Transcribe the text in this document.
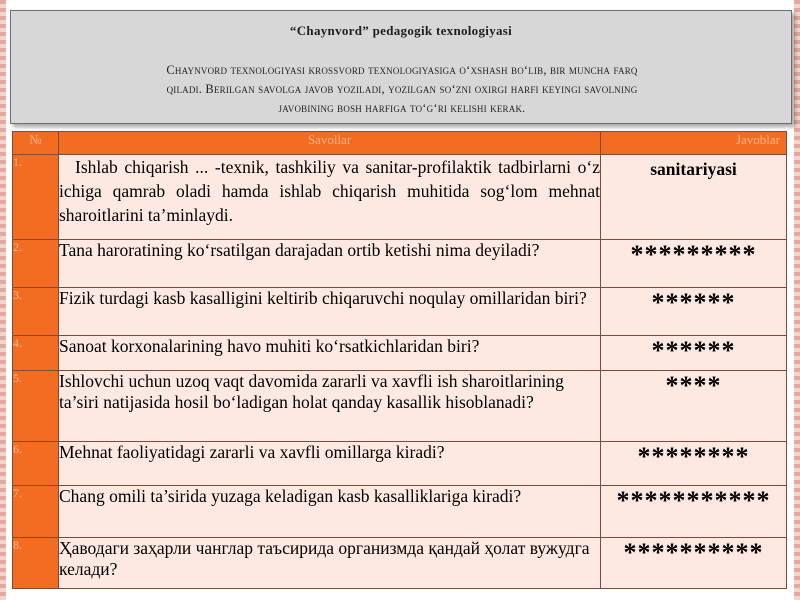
“Chaynvord” pedagogik texnologiyasi
Chaynvord texnologiyasi krossvord texnologiyasiga o‘xshash bo‘lib, bir muncha farq
qiladi. Berilgan savolga javob yoziladi, yozilgan so‘zni oxirgi harfi keyingi savolning
javobining bosh harfiga to‘g‘ri kelishi kerak.
№	Savollar	Javoblar
1.	Ishlab chiqarish ... -texnik, tashkiliy va sanitar-profilaktik tadbirlarni o‘z ichiga qamrab oladi hamda ishlab chiqarish muhitida sog‘lom mehnat sharoitlarini ta’minlaydi.	sanitariyasi
2.	Tana haroratining ko‘rsatilgan darajadan ortib ketishi nima deyiladi?	*********
3.	Fizik turdagi kasb kasalligini keltirib chiqaruvchi noqulay omillaridan biri?	******
4.	Sanoat korxonalarining havo muhiti ko‘rsatkichlaridan biri?	******
5.	Ishlovchi uchun uzoq vaqt davomida zararli va xavfli ish sharoitlarining ta’siri natijasida hosil bo‘ladigan holat qanday kasallik hisoblanadi?	****
6.	Mehnat faoliyatidagi zararli va xavfli omillarga kiradi?	********
7.	Chang omili ta’sirida yuzaga keladigan kasb kasalliklariga kiradi?	***********
8.	Ҳаводаги заҳарли чанглар таъсирида организмда қандай ҳолат вужудга келади?	**********
